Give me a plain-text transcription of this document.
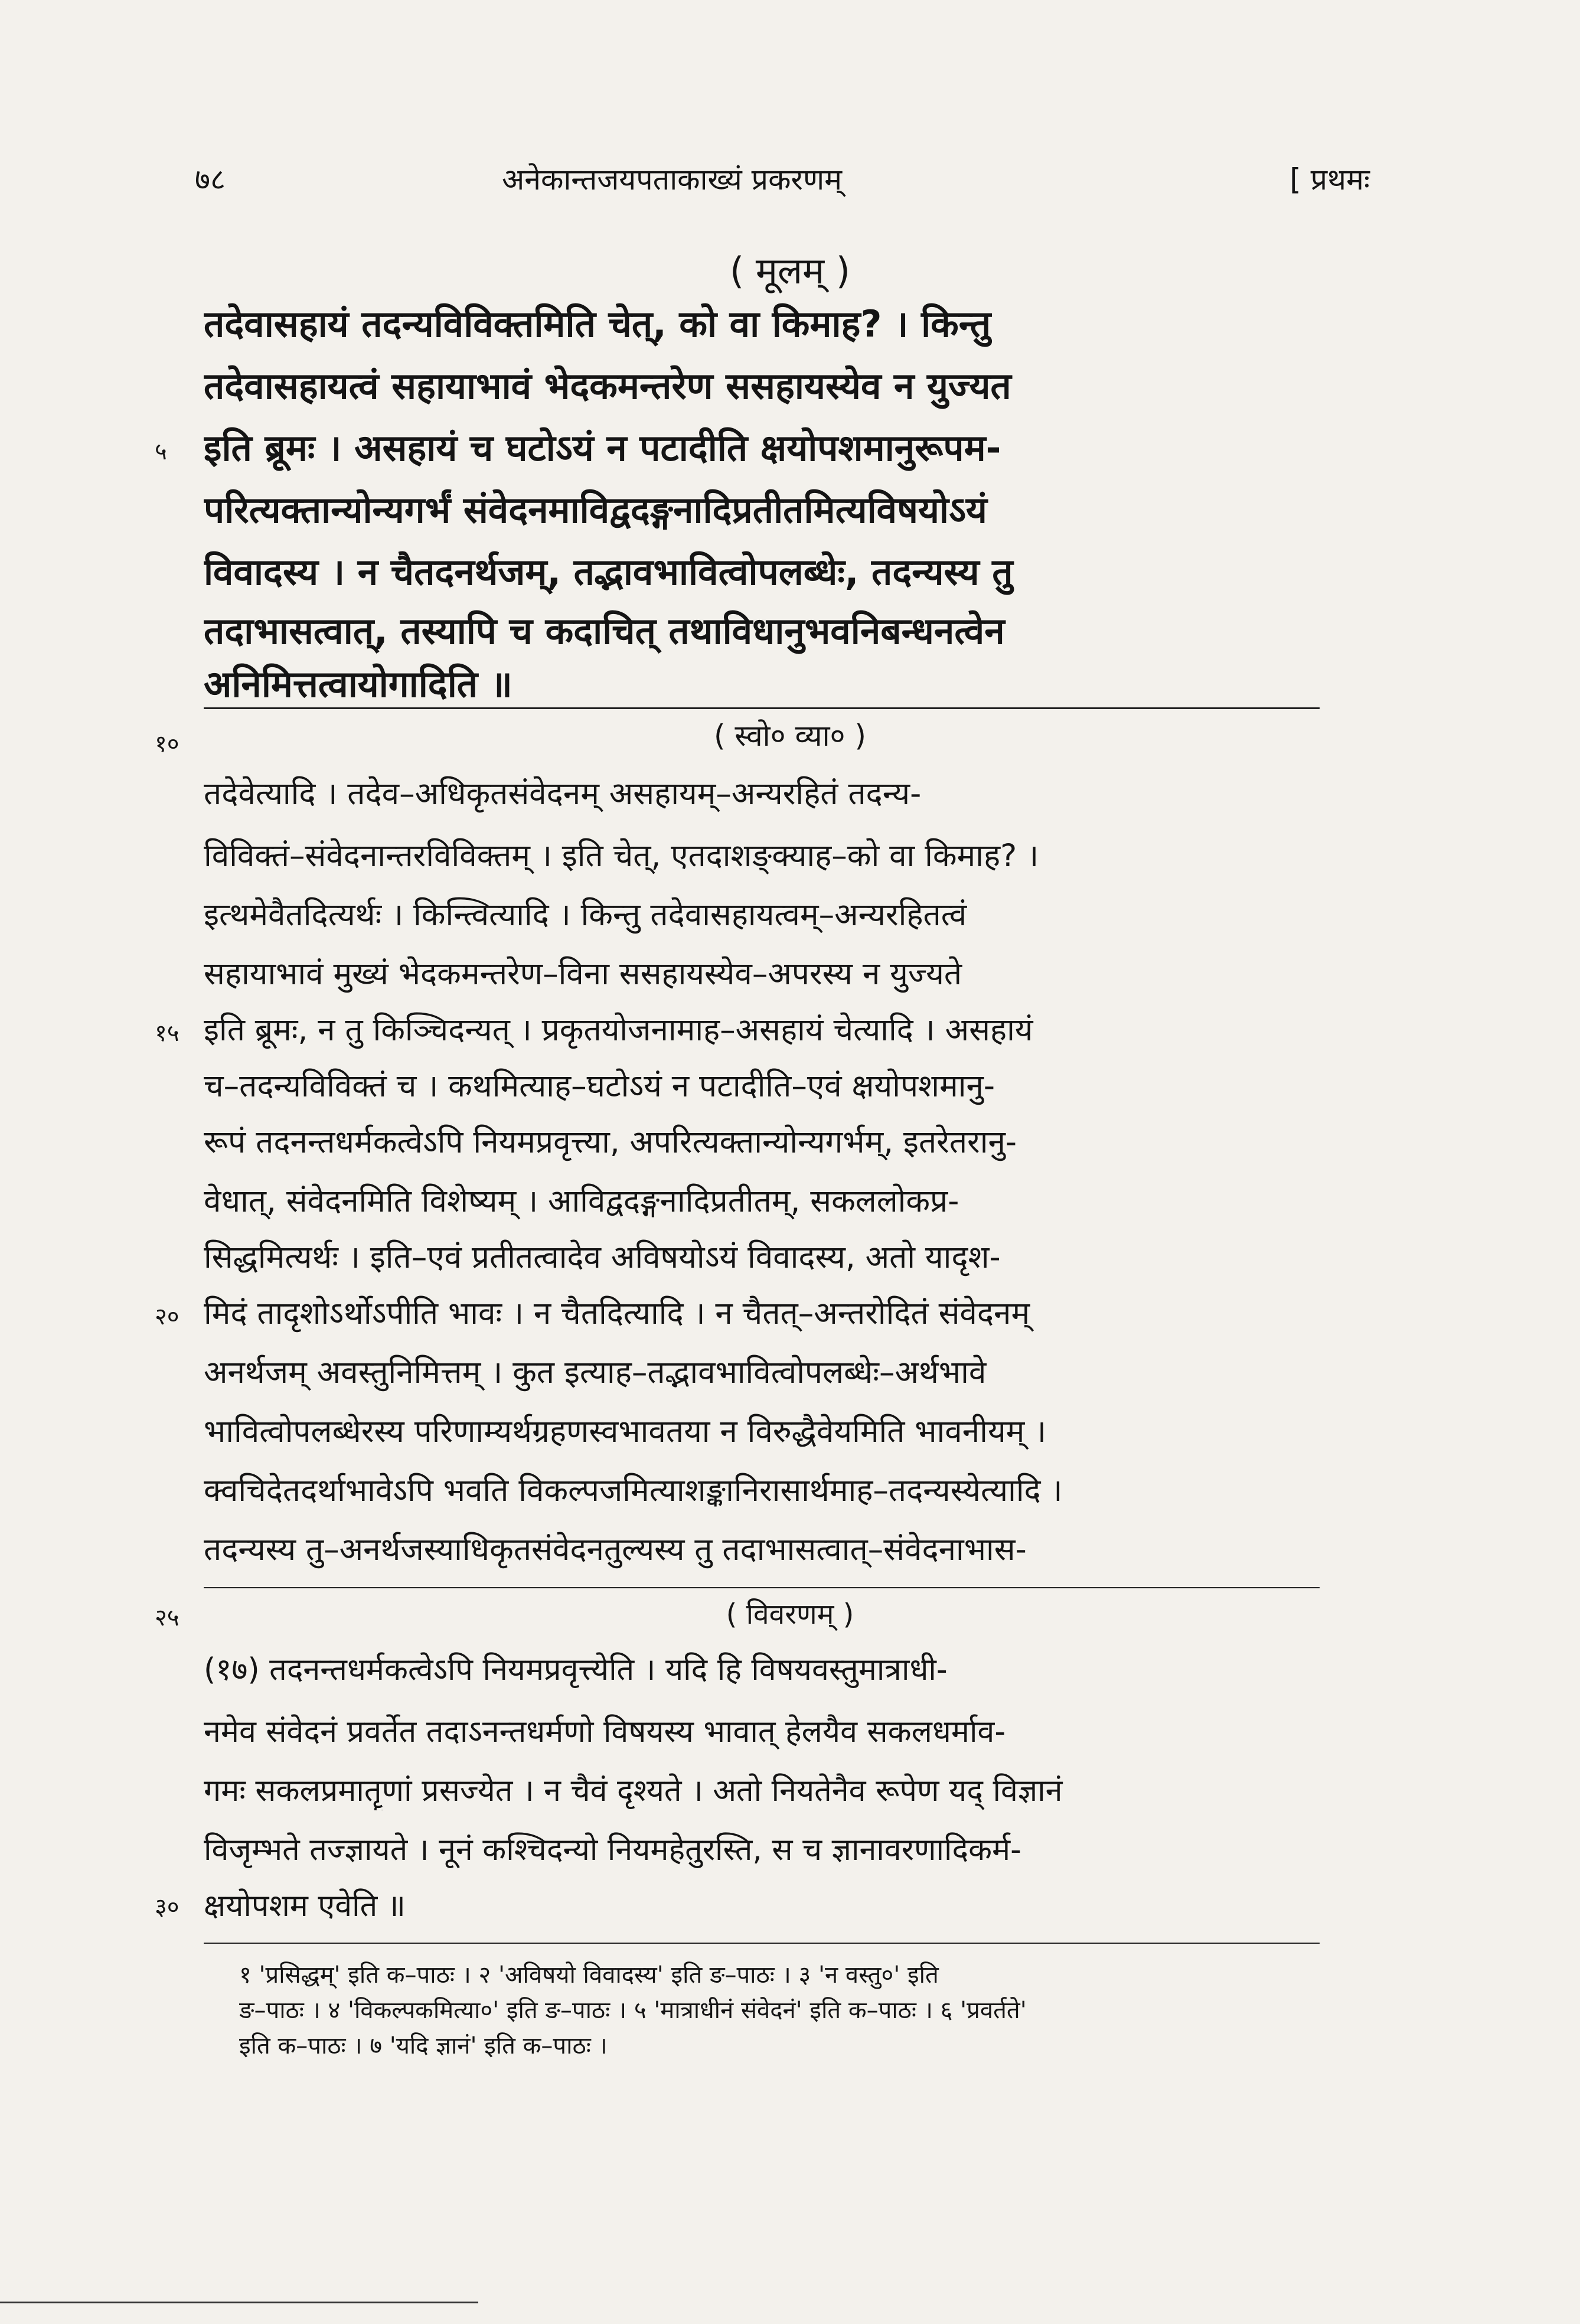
७८	अनेकान्तजयपताकाख्यं प्रकरणम्	[ प्रथमः
( मूलम् )
तदेवासहायं तदन्यविविक्तमिति चेत्, को वा किमाह? । किन्तु
तदेवासहायत्वं सहायाभावं भेदकमन्तरेण ससहायस्येव न युज्यत
इति ब्रूमः । असहायं च घटोऽयं न पटादीति क्षयोपशमानुरूपम-
परित्यक्तान्योन्यगर्भं संवेदनमाविद्वदङ्गनादिप्रतीतमित्यविषयोऽयं
विवादस्य । न चैतदनर्थजम्, तद्भावभावित्वोपलब्धेः, तदन्यस्य तु
तदाभासत्वात्, तस्यापि च कदाचित् तथाविधानुभवनिबन्धनत्वेन
अनिमित्तत्वायोगादिति ॥
( स्वो० व्या० )
तदेवेत्यादि । तदेव–अधिकृतसंवेदनम् असहायम्–अन्यरहितं तदन्य-
विविक्तं–संवेदनान्तरविविक्तम् । इति चेत्, एतदाशङ्क्याह–को वा किमाह? ।
इत्थमेवैतदित्यर्थः । किन्त्वित्यादि । किन्तु तदेवासहायत्वम्–अन्यरहितत्वं
सहायाभावं मुख्यं भेदकमन्तरेण–विना ससहायस्येव–अपरस्य न युज्यते
इति ब्रूमः, न तु किञ्चिदन्यत् । प्रकृतयोजनामाह–असहायं चेत्यादि । असहायं
च–तदन्यविविक्तं च । कथमित्याह–घटोऽयं न पटादीति–एवं क्षयोपशमानु-
रूपं तदनन्तधर्मकत्वेऽपि नियमप्रवृत्त्या, अपरित्यक्तान्योन्यगर्भम्, इतरेतरानु-
वेधात्, संवेदनमिति विशेष्यम् । आविद्वदङ्गनादिप्रतीतम्, सकललोकप्र-
सिद्धमित्यर्थः । इति–एवं प्रतीतत्वादेव अविषयोऽयं विवादस्य, अतो यादृश-
मिदं तादृशोऽर्थोऽपीति भावः । न चैतदित्यादि । न चैतत्–अन्तरोदितं संवेदनम्
अनर्थजम् अवस्तुनिमित्तम् । कुत इत्याह–तद्भावभावित्वोपलब्धेः–अर्थभावे
भावित्वोपलब्धेरस्य परिणाम्यर्थग्रहणस्वभावतया न विरुद्धैवेयमिति भावनीयम् ।
क्वचिदेतदर्थाभावेऽपि भवति विकल्पजमित्याशङ्कानिरासार्थमाह–तदन्यस्येत्यादि ।
तदन्यस्य तु–अनर्थजस्याधिकृतसंवेदनतुल्यस्य तु तदाभासत्वात्–संवेदनाभास-
( विवरणम् )
(१७) तदनन्तधर्मकत्वेऽपि नियमप्रवृत्त्येति । यदि हि विषयवस्तुमात्राधी-
नमेव संवेदनं प्रवर्तेत तदाऽनन्तधर्मणो विषयस्य भावात् हेलयैव सकलधर्माव-
गमः सकलप्रमातॄणां प्रसज्येत । न चैवं दृश्यते । अतो नियतेनैव रूपेण यद् विज्ञानं
विजृम्भते तज्ज्ञायते । नूनं कश्चिदन्यो नियमहेतुरस्ति, स च ज्ञानावरणादिकर्म-
क्षयोपशम एवेति ॥
५
१०
१५
२०
२५
३०
१ 'प्रसिद्धम्' इति क–पाठः । २ 'अविषयो विवादस्य' इति ङ–पाठः । ३ 'न वस्तु०' इति
ङ–पाठः । ४ 'विकल्पकमित्या०' इति ङ–पाठः । ५ 'मात्राधीनं संवेदनं' इति क–पाठः । ६ 'प्रवर्तते'
इति क–पाठः । ७ 'यदि ज्ञानं' इति क–पाठः ।
